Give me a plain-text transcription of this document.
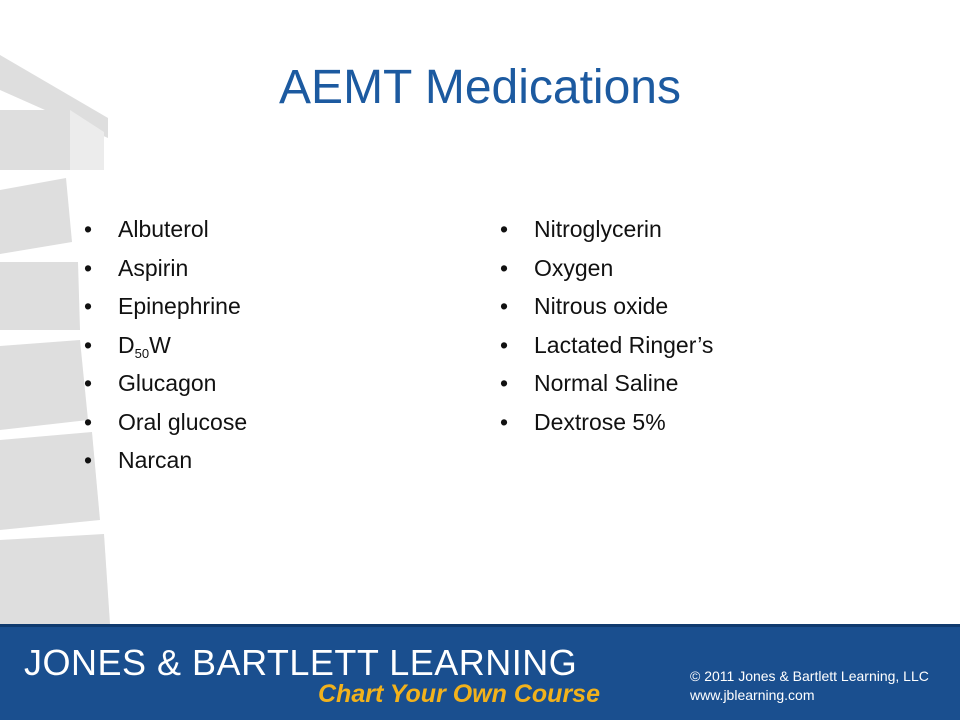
AEMT Medications
• Albuterol
• Aspirin
• Epinephrine
• $D_{50}W$
• Glucagon
• Oral glucose
• Narcan
• Nitroglycerin
• Oxygen
• Nitrous oxide
• Lactated Ringer’s
• Normal Saline
• Dextrose 5%
JONES & BARTLETT LEARNING
Chart Your Own Course
© 2011 Jones & Bartlett Learning, LLC
www.jblearning.com
